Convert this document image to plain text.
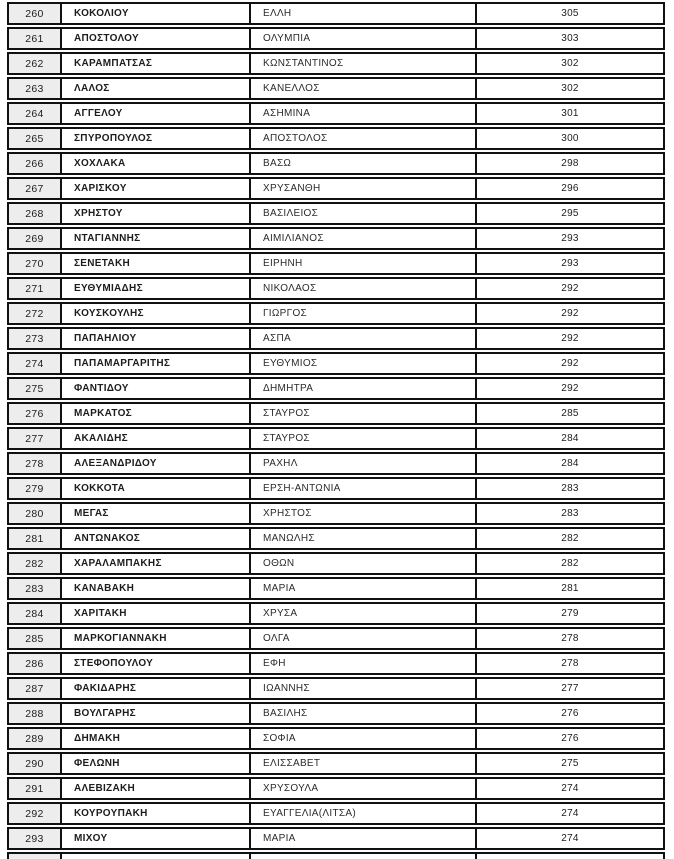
260	ΚΟΚΟΛΙΟΥ	ΕΛΛΗ	305
261	ΑΠΟΣΤΟΛΟΥ	ΟΛΥΜΠΙΑ	303
262	ΚΑΡΑΜΠΑΤΣΑΣ	ΚΩΝΣΤΑΝΤΙΝΟΣ	302
263	ΛΑΛΟΣ	ΚΑΝΕΛΛΟΣ	302
264	ΑΓΓΕΛΟΥ	ΑΣΗΜΙΝΑ	301
265	ΣΠΥΡΟΠΟΥΛΟΣ	ΑΠΟΣΤΟΛΟΣ	300
266	ΧΟΧΛΑΚΑ	ΒΑΣΩ	298
267	ΧΑΡΙΣΚΟΥ	ΧΡΥΣΑΝΘΗ	296
268	ΧΡΗΣΤΟΥ	ΒΑΣΙΛΕΙΟΣ	295
269	ΝΤΑΓΙΑΝΝΗΣ	ΑΙΜΙΛΙΑΝΟΣ	293
270	ΣΕΝΕΤΑΚΗ	ΕΙΡΗΝΗ	293
271	ΕΥΘΥΜΙΑΔΗΣ	ΝΙΚΟΛΑΟΣ	292
272	ΚΟΥΣΚΟΥΛΗΣ	ΓΙΩΡΓΟΣ	292
273	ΠΑΠΑΗΛΙΟΥ	ΑΣΠΑ	292
274	ΠΑΠΑΜΑΡΓΑΡΙΤΗΣ	ΕΥΘΥΜΙΟΣ	292
275	ΦΑΝΤΙΔΟΥ	ΔΗΜΗΤΡΑ	292
276	ΜΑΡΚΑΤΟΣ	ΣΤΑΥΡΟΣ	285
277	ΑΚΑΛΙΔΗΣ	ΣΤΑΥΡΟΣ	284
278	ΑΛΕΞΑΝΔΡΙΔΟΥ	ΡΑΧΗΛ	284
279	ΚΟΚΚΟΤΑ	ΕΡΣΗ-ΑΝΤΩΝΙΑ	283
280	ΜΕΓΑΣ	ΧΡΗΣΤΟΣ	283
281	ΑΝΤΩΝΑΚΟΣ	ΜΑΝΩΛΗΣ	282
282	ΧΑΡΑΛΑΜΠΑΚΗΣ	ΟΘΩΝ	282
283	ΚΑΝΑΒΑΚΗ	ΜΑΡΙΑ	281
284	ΧΑΡΙΤΑΚΗ	ΧΡΥΣΑ	279
285	ΜΑΡΚΟΓΙΑΝΝΑΚΗ	ΟΛΓΑ	278
286	ΣΤΕΦΟΠΟΥΛΟΥ	ΕΦΗ	278
287	ΦΑΚΙΔΑΡΗΣ	ΙΩΑΝΝΗΣ	277
288	ΒΟΥΛΓΑΡΗΣ	ΒΑΣΙΛΗΣ	276
289	ΔΗΜΑΚΗ	ΣΟΦΙΑ	276
290	ΦΕΛΩΝΗ	ΕΛΙΣΣΑΒΕΤ	275
291	ΑΛΕΒΙΖΑΚΗ	ΧΡΥΣΟΥΛΑ	274
292	ΚΟΥΡΟΥΠΑΚΗ	ΕΥΑΓΓΕΛΙΑ(ΛΙΤΣΑ)	274
293	ΜΙΧΟΥ	ΜΑΡΙΑ	274
